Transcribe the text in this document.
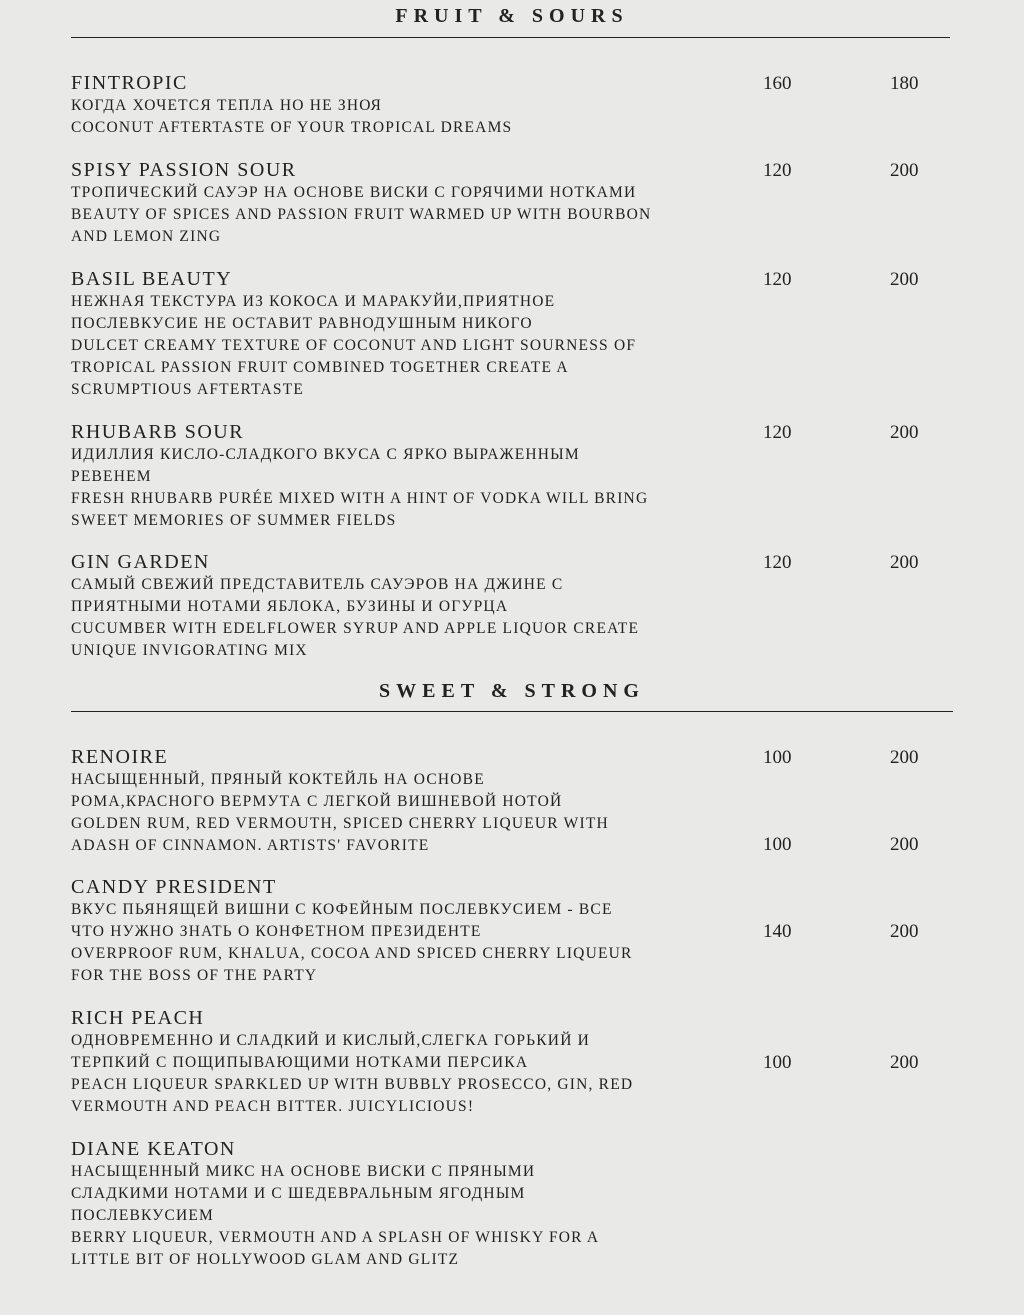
FRUIT & SOURS
FINTROPIC
КОГДА ХОЧЕТСЯ ТЕПЛА НО НЕ ЗНОЯ
COCONUT AFTERTASTE OF YOUR TROPICAL DREAMS
160	180
SPISY PASSION SOUR
ТРОПИЧЕСКИЙ САУЭР НА ОСНОВЕ ВИСКИ С ГОРЯЧИМИ НОТКАМИ
BEAUTY OF SPICES AND PASSION FRUIT WARMED UP WITH BOURBON
AND LEMON ZING
120	200
BASIL BEAUTY
НЕЖНАЯ ТЕКСТУРА ИЗ КОКОСА И МАРАКУЙИ,ПРИЯТНОЕ
ПОСЛЕВКУСИЕ НЕ ОСТАВИТ РАВНОДУШНЫМ НИКОГО
DULCET CREAMY TEXTURE OF COCONUT AND LIGHT SOURNESS OF
TROPICAL PASSION FRUIT COMBINED TOGETHER CREATE A
SCRUMPTIOUS AFTERTASTE
120	200
RHUBARB SOUR
ИДИЛЛИЯ КИСЛО-СЛАДКОГО ВКУСА С ЯРКО ВЫРАЖЕННЫМ
РЕВЕНЕМ
FRESH RHUBARB PURÉE MIXED WITH A HINT OF VODKA WILL BRING
SWEET MEMORIES OF SUMMER FIELDS
120	200
GIN GARDEN
САМЫЙ СВЕЖИЙ ПРЕДСТАВИТЕЛЬ САУЭРОВ НА ДЖИНЕ С
ПРИЯТНЫМИ НОТАМИ ЯБЛОКА, БУЗИНЫ И ОГУРЦА
CUCUMBER WITH EDELFLOWER SYRUP AND APPLE LIQUOR CREATE
UNIQUE INVIGORATING MIX
120	200
SWEET & STRONG
RENOIRE
НАСЫЩЕННЫЙ, ПРЯНЫЙ КОКТЕЙЛЬ НА ОСНОВЕ
РОМА,КРАСНОГО ВЕРМУТА С ЛЕГКОЙ ВИШНЕВОЙ НОТОЙ
GOLDEN RUM, RED VERMOUTH, SPICED CHERRY LIQUEUR WITH
ADASH OF CINNAMON. ARTISTS' FAVORITE
100	200
100	200
CANDY PRESIDENT
ВКУС ПЬЯНЯЩЕЙ ВИШНИ С КОФЕЙНЫМ ПОСЛЕВКУСИЕМ - ВСЕ
ЧТО НУЖНО ЗНАТЬ О КОНФЕТНОМ ПРЕЗИДЕНТЕ
OVERPROOF RUM, KHALUA, COCOA AND SPICED CHERRY LIQUEUR
FOR THE BOSS OF THE PARTY
140	200
RICH PEACH
ОДНОВРЕМЕННО И СЛАДКИЙ И КИСЛЫЙ,СЛЕГКА ГОРЬКИЙ И
ТЕРПКИЙ С ПОЩИПЫВАЮЩИМИ НОТКАМИ ПЕРСИКА
PEACH LIQUEUR SPARKLED UP WITH BUBBLY PROSECCO, GIN, RED
VERMOUTH AND PEACH BITTER. JUICYLICIOUS!
100	200
DIANE KEATON
НАСЫЩЕННЫЙ МИКС НА ОСНОВЕ ВИСКИ С ПРЯНЫМИ
СЛАДКИМИ НОТАМИ И С ШЕДЕВРАЛЬНЫМ ЯГОДНЫМ
ПОСЛЕВКУСИЕМ
BERRY LIQUEUR, VERMOUTH AND A SPLASH OF WHISKY FOR A
LITTLE BIT OF HOLLYWOOD GLAM AND GLITZ
